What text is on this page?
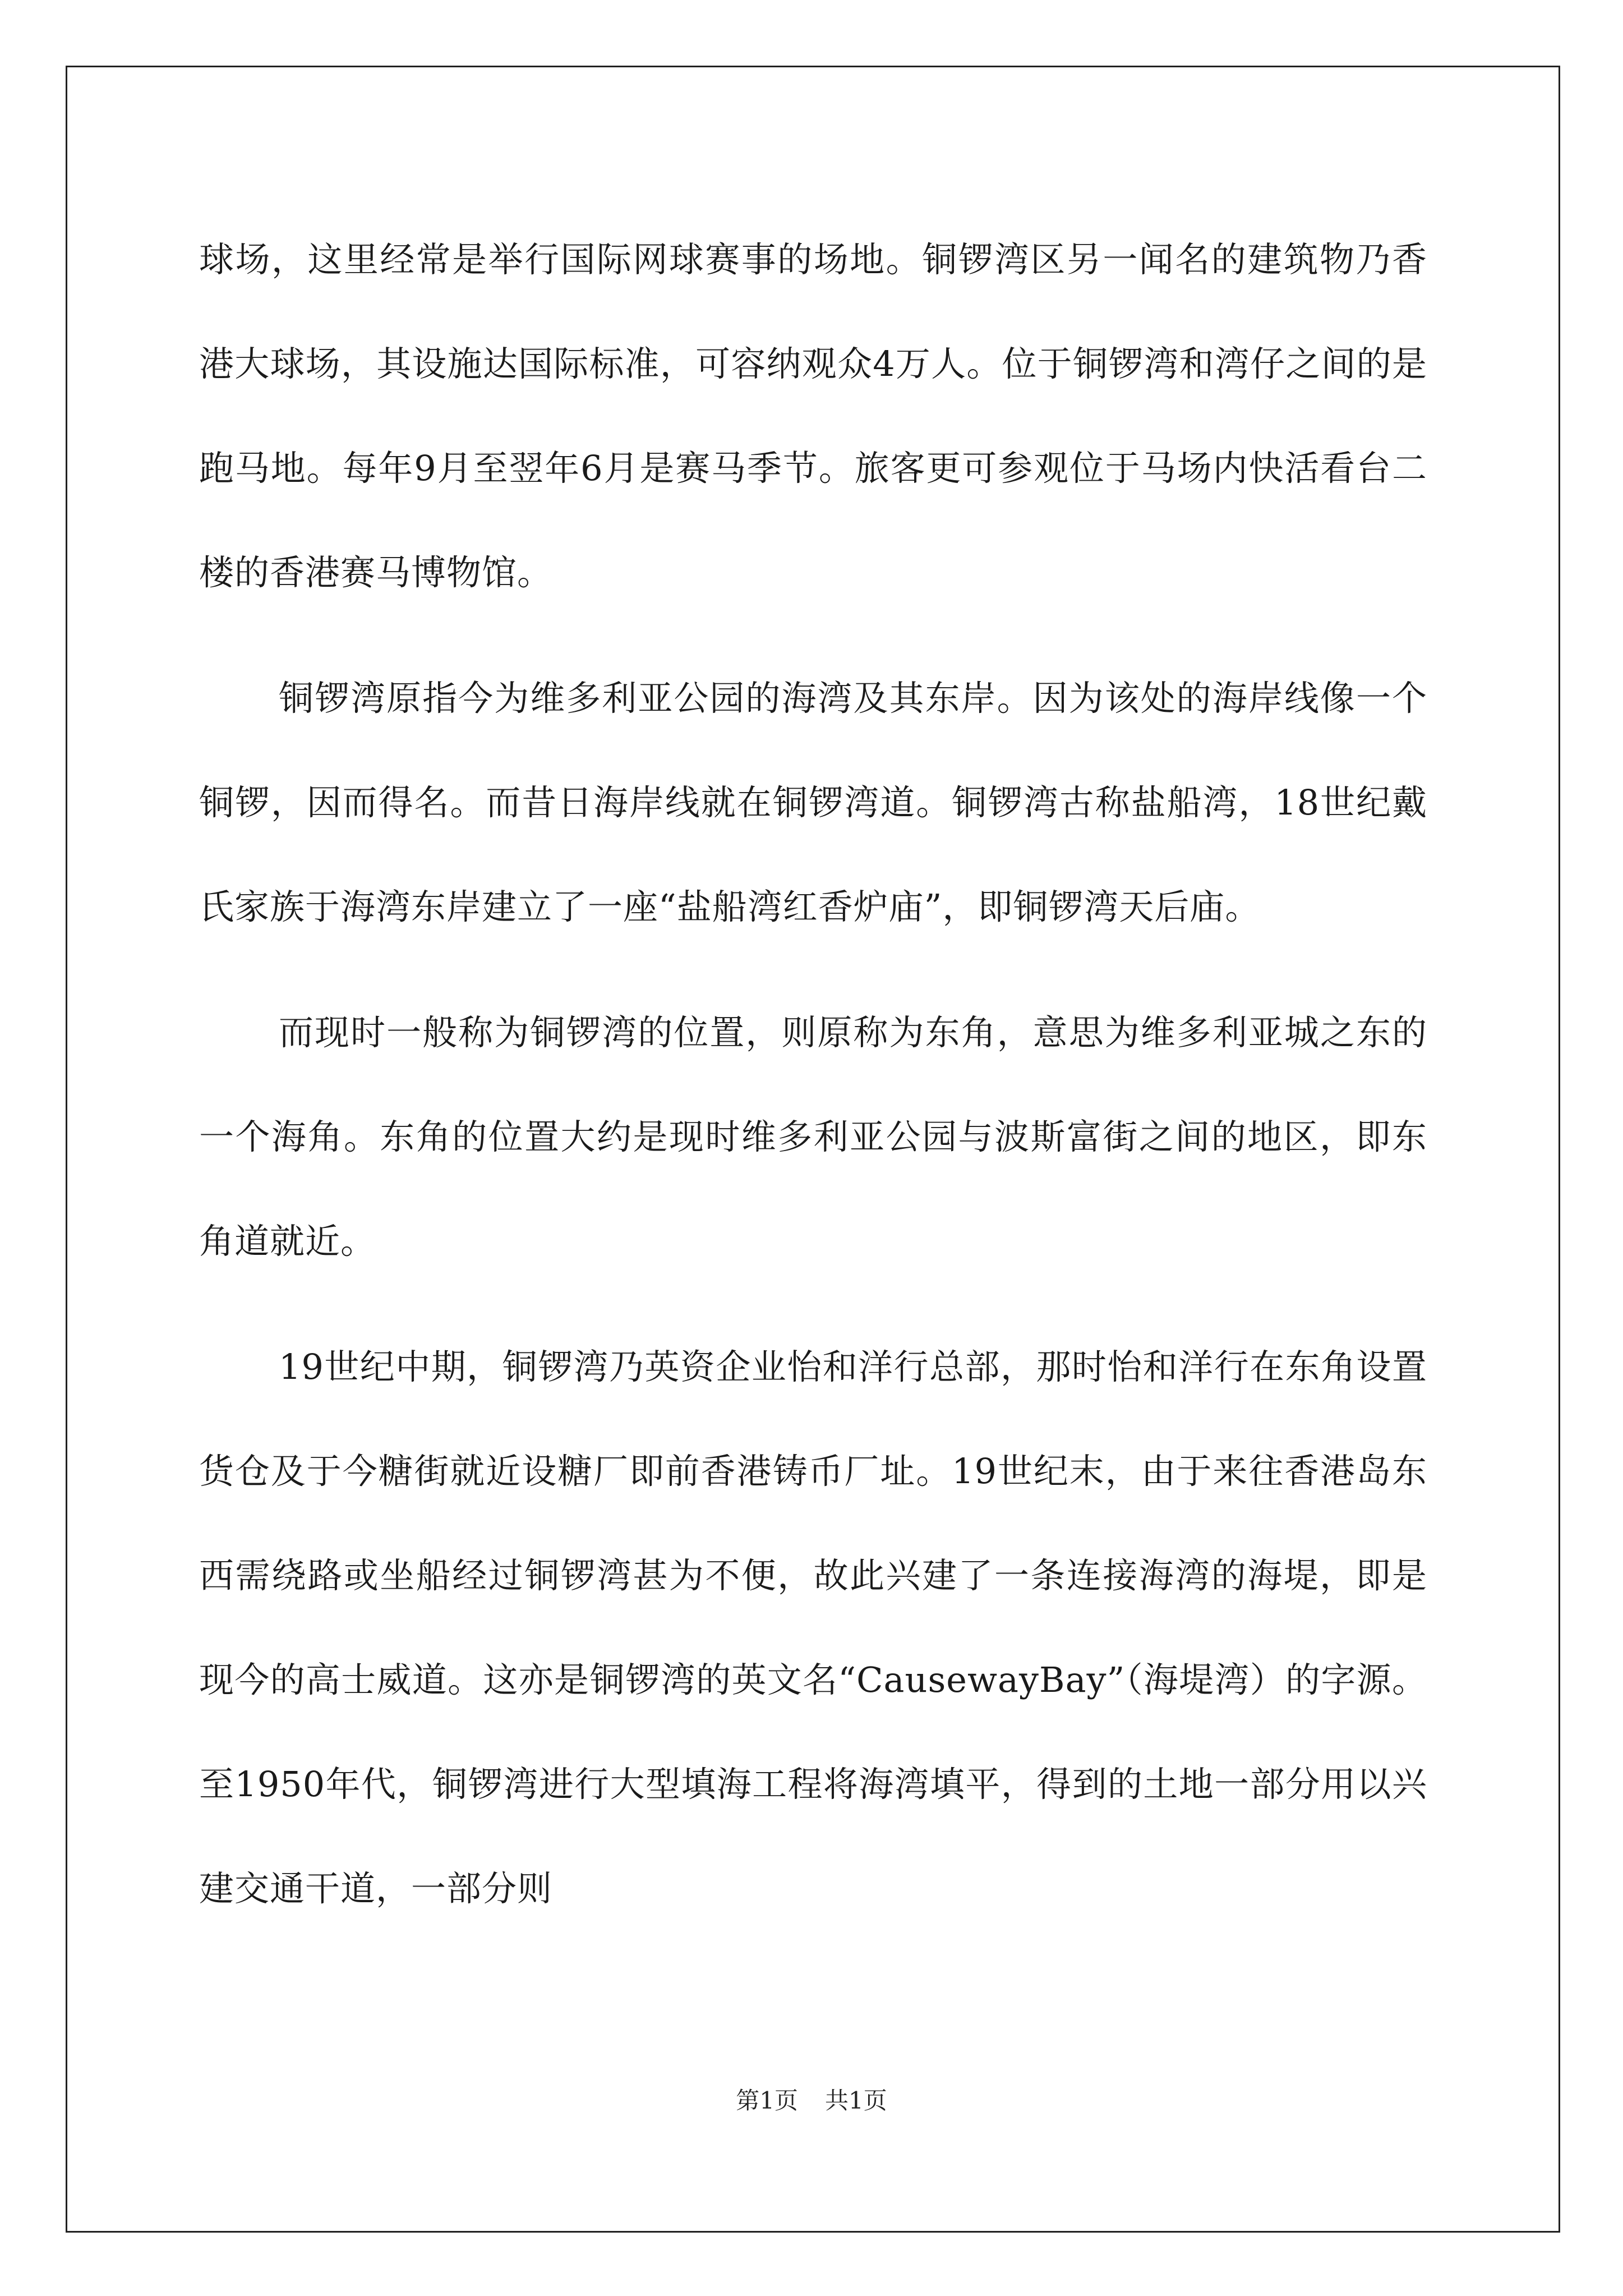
球场，这里经常是举行国际网球赛事的场地。铜锣湾区另一闻名的建筑物乃香港大球场，其设施达国际标准，可容纳观众4万人。位于铜锣湾和湾仔之间的是跑马地。每年9月至翌年6月是赛马季节。旅客更可参观位于马场内快活看台二楼的香港赛马博物馆。

铜锣湾原指今为维多利亚公园的海湾及其东岸。因为该处的海岸线像一个铜锣，因而得名。而昔日海岸线就在铜锣湾道。铜锣湾古称盐船湾，18世纪戴氏家族于海湾东岸建立了一座“盐船湾红香炉庙”，即铜锣湾天后庙。

而现时一般称为铜锣湾的位置，则原称为东角，意思为维多利亚城之东的一个海角。东角的位置大约是现时维多利亚公园与波斯富街之间的地区，即东角道就近。

19世纪中期，铜锣湾乃英资企业怡和洋行总部，那时怡和洋行在东角设置货仓及于今糖街就近设糖厂即前香港铸币厂址。19世纪末，由于来往香港岛东西需绕路或坐船经过铜锣湾甚为不便，故此兴建了一条连接海湾的海堤，即是现今的高士威道。这亦是铜锣湾的英文名“CausewayBay”（海堤湾）的字源。至1950年代，铜锣湾进行大型填海工程将海湾填平，得到的土地一部分用以兴建交通干道，一部分则

第1页 共1页
